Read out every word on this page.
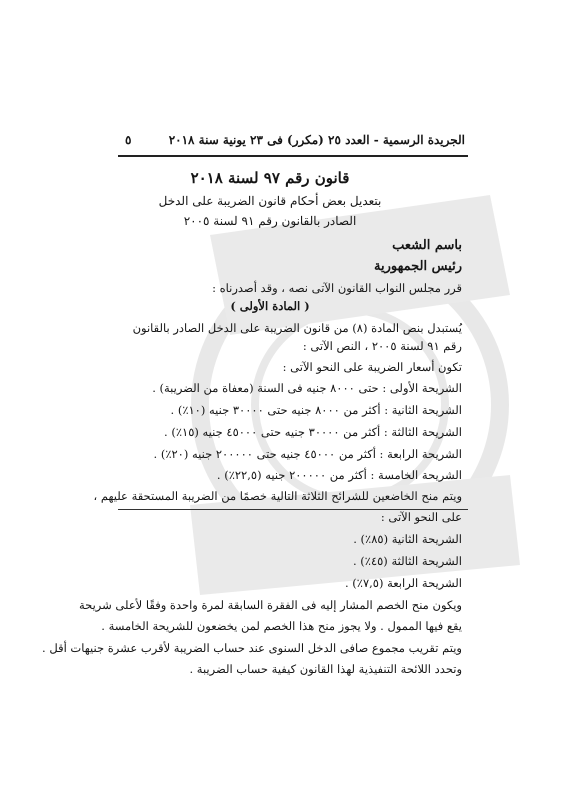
الجريدة الرسمية - العدد ٢٥ (مكرر) فى ٢٣ يونية سنة ٢٠١٨
٥
قانون رقم ٩٧ لسنة ٢٠١٨
بتعديل بعض أحكام قانون الضريبة على الدخل
الصادر بالقانون رقم ٩١ لسنة ٢٠٠٥
باسم الشعب
رئيس الجمهورية
قرر مجلس النواب القانون الآتى نصه ، وقد أصدرناه :
( المادة الأولى )
يُستبدل بنص المادة (٨) من قانون الضريبة على الدخل الصادر بالقانون
رقم ٩١ لسنة ٢٠٠٥ ، النص الآتى :
تكون أسعار الضريبة على النحو الآتى :
الشريحة الأولى : حتى ٨٠٠٠ جنيه فى السنة (معفاة من الضريبة) .
الشريحة الثانية : أكثر من ٨٠٠٠ جنيه حتى ٣٠٠٠٠ جنيه (١٠٪) .
الشريحة الثالثة : أكثر من ٣٠٠٠٠ جنيه حتى ٤٥٠٠٠ جنيه (١٥٪) .
الشريحة الرابعة : أكثر من ٤٥٠٠٠ جنيه حتى ٢٠٠٠٠٠ جنيه (٢٠٪) .
الشريحة الخامسة : أكثر من ٢٠٠٠٠٠ جنيه (٢٢,٥٪) .
ويتم منح الخاضعين للشرائح الثلاثة التالية خصمًا من الضريبة المستحقة عليهم ،
على النحو الآتى :
الشريحة الثانية (٨٥٪) .
الشريحة الثالثة (٤٥٪) .
الشريحة الرابعة (٧,٥٪) .
ويكون منح الخصم المشار إليه فى الفقرة السابقة لمرة واحدة وفقًا لأعلى شريحة
يقع فيها الممول . ولا يجوز منح هذا الخصم لمن يخضعون للشريحة الخامسة .
ويتم تقريب مجموع صافى الدخل السنوى عند حساب الضريبة لأقرب عشرة جنيهات أقل .
وتحدد اللائحة التنفيذية لهذا القانون كيفية حساب الضريبة .
